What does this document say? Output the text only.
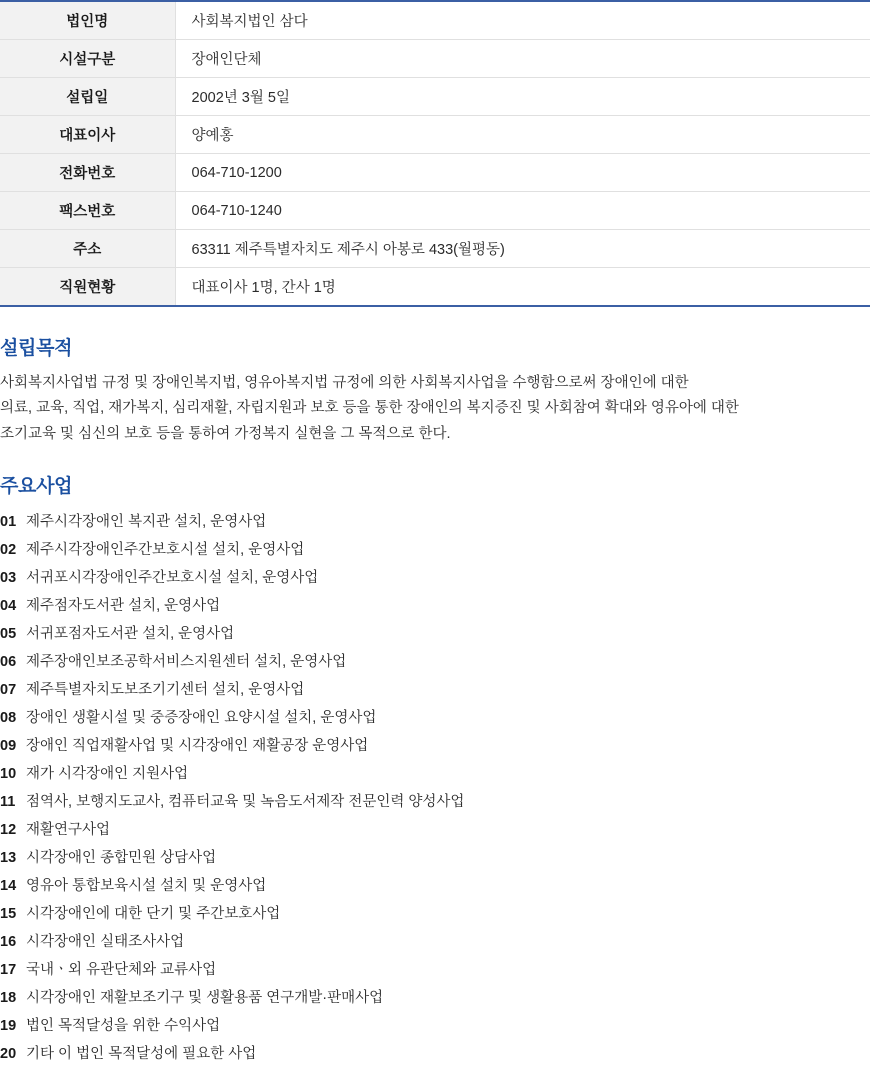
법인명	사회복지법인 삼다
시설구분	장애인단체
설립일	2002년 3월 5일
대표이사	양예홍
전화번호	064-710-1200
팩스번호	064-710-1240
주소	63311 제주특별자치도 제주시 아봉로 433(월평동)
직원현황	대표이사 1명, 간사 1명
설립목적

사회복지사업법 규정 및 장애인복지법, 영유아복지법 규정에 의한 사회복지사업을 수행함으로써 장애인에 대한

의료, 교육, 직업, 재가복지, 심리재활, 자립지원과 보호 등을 통한 장애인의 복지증진 및 사회참여 확대와 영유아에 대한

조기교육 및 심신의 보호 등을 통하여 가정복지 실현을 그 목적으로 한다.

주요사업
01 제주시각장애인 복지관 설치, 운영사업
02 제주시각장애인주간보호시설 설치, 운영사업
03 서귀포시각장애인주간보호시설 설치, 운영사업
04 제주점자도서관 설치, 운영사업
05 서귀포점자도서관 설치, 운영사업
06 제주장애인보조공학서비스지원센터 설치, 운영사업
07 제주특별자치도보조기기센터 설치, 운영사업
08 장애인 생활시설 및 중증장애인 요양시설 설치, 운영사업
09 장애인 직업재활사업 및 시각장애인 재활공장 운영사업
10 재가 시각장애인 지원사업
11 점역사, 보행지도교사, 컴퓨터교육 및 녹음도서제작 전문인력 양성사업
12 재활연구사업
13 시각장애인 종합민원 상담사업
14 영유아 통합보육시설 설치 및 운영사업
15 시각장애인에 대한 단기 및 주간보호사업
16 시각장애인 실태조사사업
17 국내ㆍ외 유관단체와 교류사업
18 시각장애인 재활보조기구 및 생활용품 연구개발·판매사업
19 법인 목적달성을 위한 수익사업
20 기타 이 법인 목적달성에 필요한 사업
